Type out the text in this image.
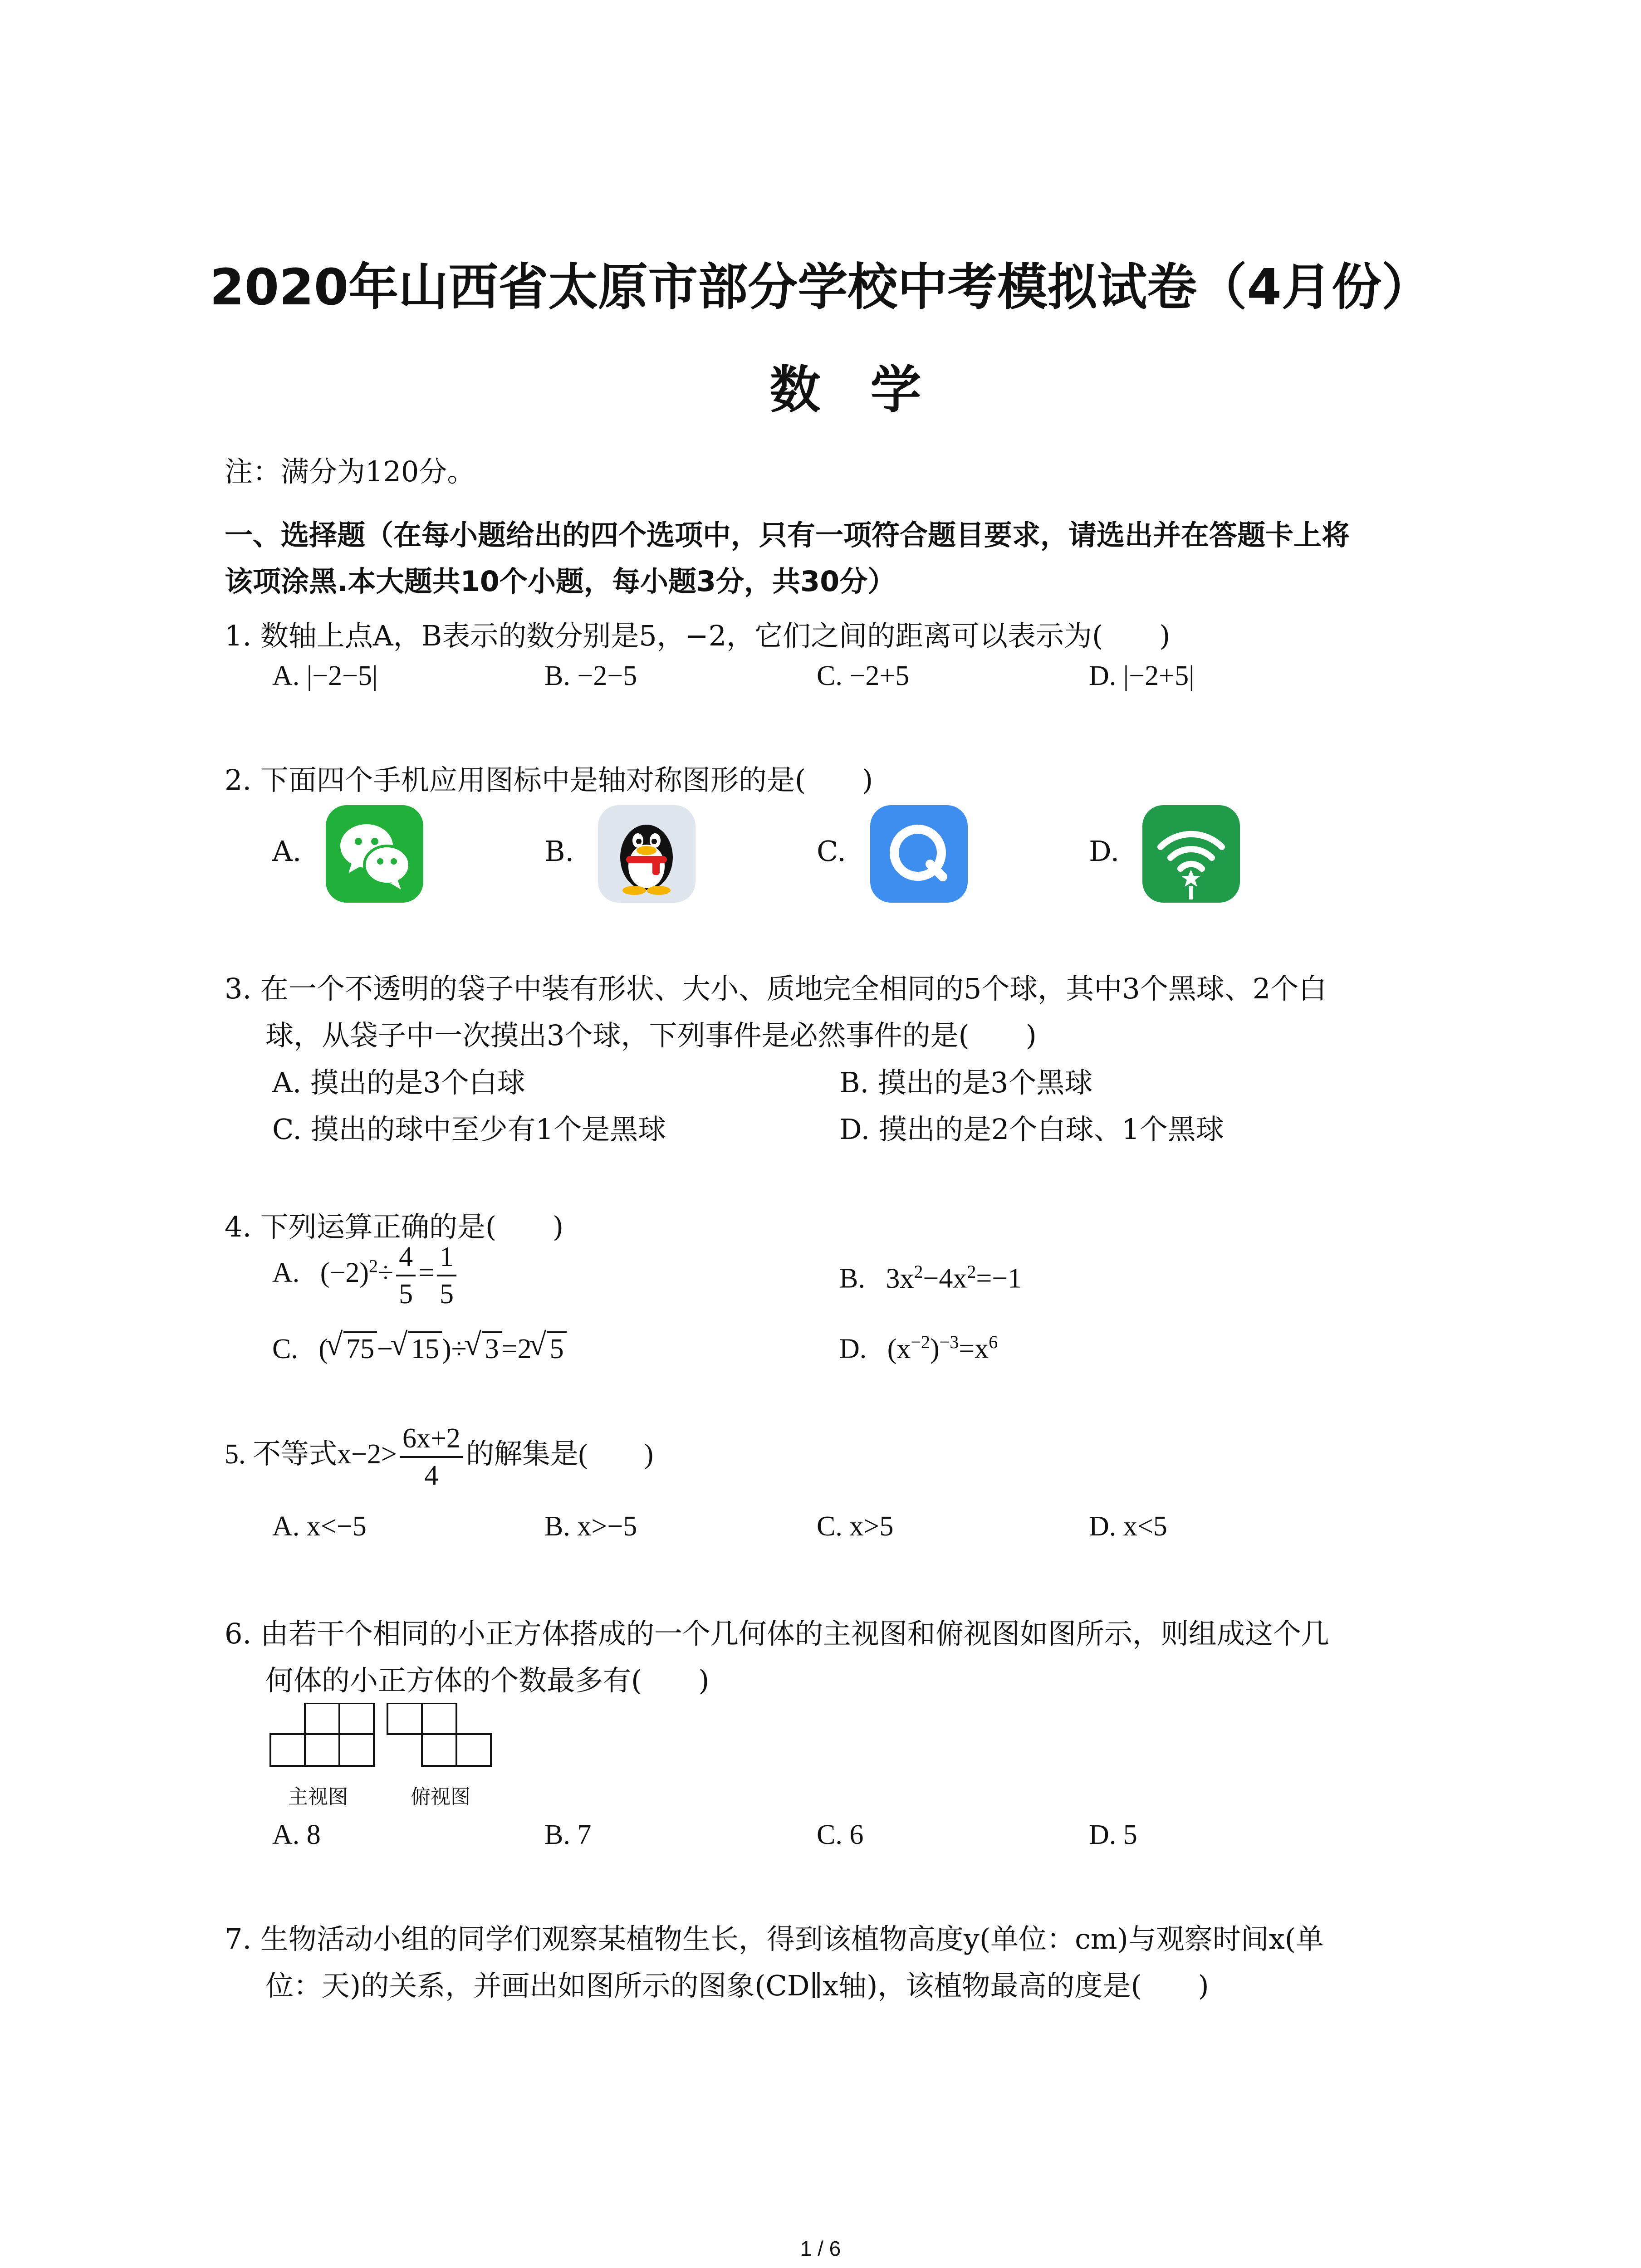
2020年山西省太原市部分学校中考模拟试卷（4月份）
数学
注：满分为120分。
一、选择题（在每小题给出的四个选项中，只有一项符合题目要求，请选出并在答题卡上将
该项涂黑.本大题共10个小题，每小题3分，共30分）
1. 数轴上点A，B表示的数分别是5，−2，它们之间的距离可以表示为(　　)
A. |−2−5|	B. −2−5	C. −2+5	D. |−2+5|
2. 下面四个手机应用图标中是轴对称图形的是(　　)
A.	B.	C.	D.
3. 在一个不透明的袋子中装有形状、大小、质地完全相同的5个球，其中3个黑球、2个白
球，从袋子中一次摸出3个球，下列事件是必然事件的是(　　)
A. 摸出的是3个白球	B. 摸出的是3个黑球
C. 摸出的球中至少有1个是黑球	D. 摸出的是2个白球、1个黑球
4. 下列运算正确的是(　　)
A. $(-2)^2\div \frac{4}{5} = \frac{1}{5}$	B. $3x^2-4x^2=-1$
C. ( √ 75− √ 15)÷ √ 3=2 √ 5	D. $(x^{-2})^{-3}=x^6$
5. 不等式$x-2> \frac{6x+2}{4}$ 的解集是(　　)
A. x<−5	B. x>−5	C. x>5	D. x<5
6. 由若干个相同的小正方体搭成的一个几何体的主视图和俯视图如图所示，则组成这个几
何体的小正方体的个数最多有(　　)
主视图	俯视图
A. 8	B. 7	C. 6	D. 5
7. 生物活动小组的同学们观察某植物生长，得到该植物高度y(单位：cm)与观察时间x(单
位：天)的关系，并画出如图所示的图象(CD∥x轴)，该植物最高的度是(　　)
1 / 6
